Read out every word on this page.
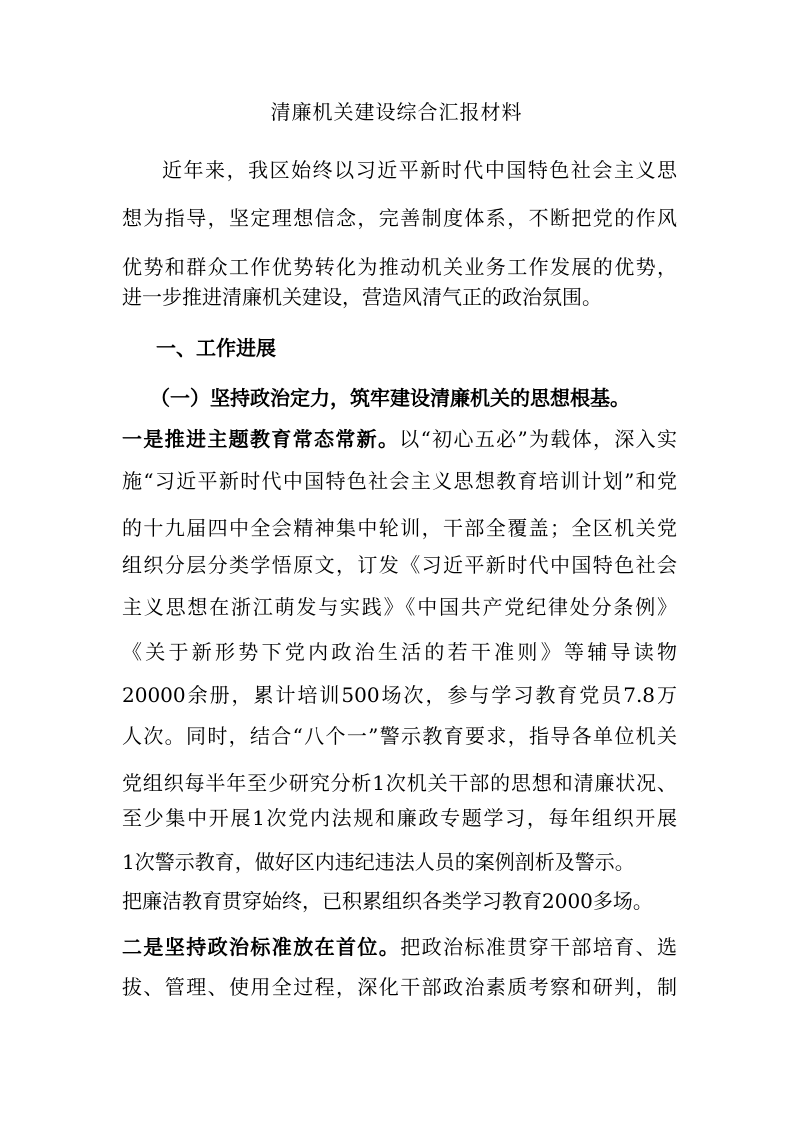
清廉机关建设综合汇报材料
近年来，我区始终以习近平新时代中国特色社会主义思
想为指导，坚定理想信念，完善制度体系，不断把党的作风
优势和群众工作优势转化为推动机关业务工作发展的优势，
进一步推进清廉机关建设，营造风清气正的政治氛围。
一、工作进展
（一）坚持政治定力，筑牢建设清廉机关的思想根基。
一是推进主题教育常态常新。以“初心五必”为载体，深入实
施“习近平新时代中国特色社会主义思想教育培训计划”和党
的十九届四中全会精神集中轮训，干部全覆盖；全区机关党
组织分层分类学悟原文，订发《习近平新时代中国特色社会
主义思想在浙江萌发与实践》《中国共产党纪律处分条例》
《关于新形势下党内政治生活的若干准则》等辅导读物
20000余册，累计培训500场次，参与学习教育党员7.8万
人次。同时，结合“八个一”警示教育要求，指导各单位机关
党组织每半年至少研究分析1次机关干部的思想和清廉状况、
至少集中开展1次党内法规和廉政专题学习，每年组织开展
1次警示教育，做好区内违纪违法人员的案例剖析及警示。
把廉洁教育贯穿始终，已积累组织各类学习教育2000多场。
二是坚持政治标准放在首位。把政治标准贯穿干部培育、选
拔、管理、使用全过程，深化干部政治素质考察和研判，制
